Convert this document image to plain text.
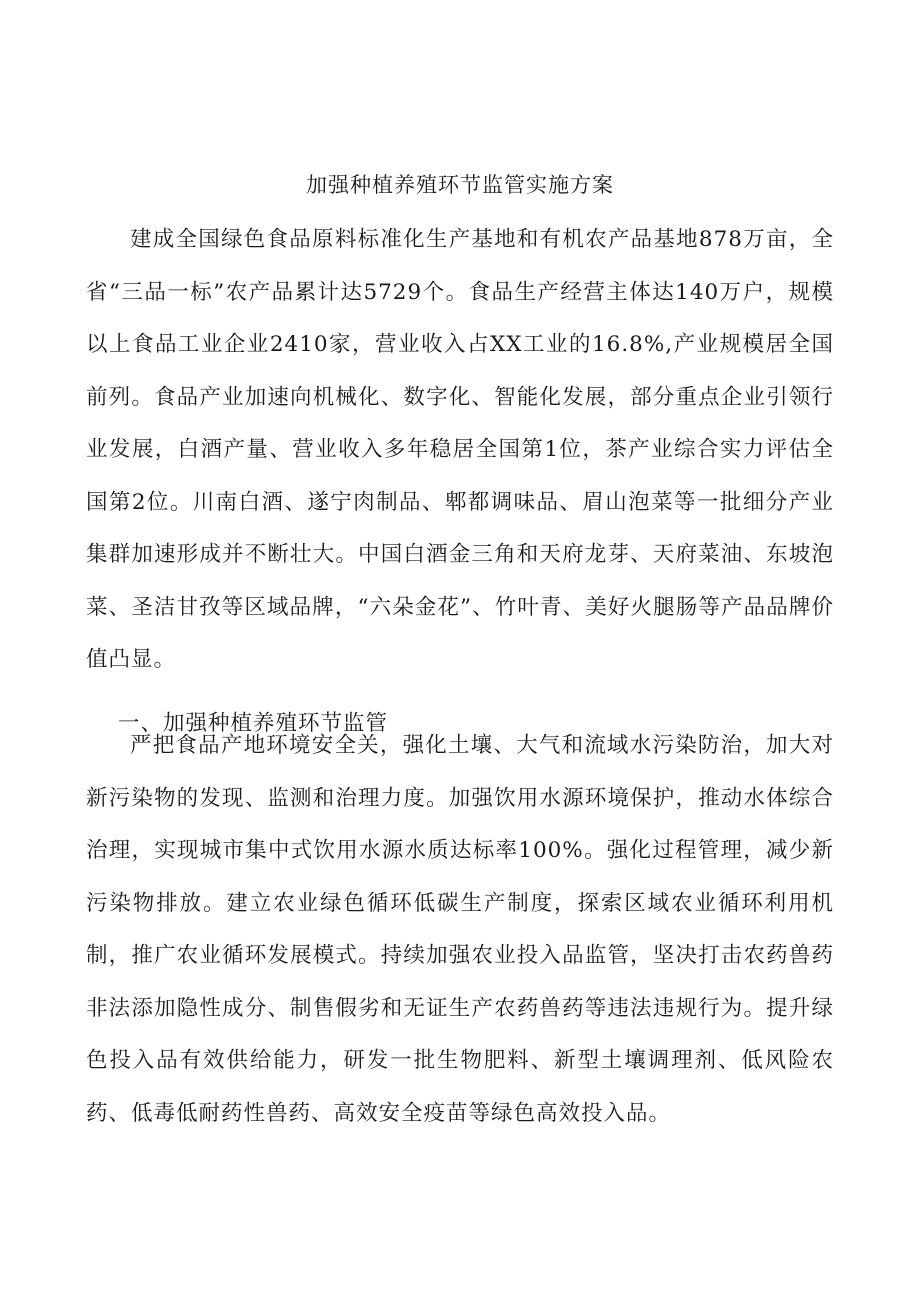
加强种植养殖环节监管实施方案

建成全国绿色食品原料标准化生产基地和有机农产品基地878万亩，全省“三品一标”农产品累计达5729个。食品生产经营主体达140万户，规模以上食品工业企业2410家，营业收入占XX工业的16.8%,产业规模居全国前列。食品产业加速向机械化、数字化、智能化发展，部分重点企业引领行业发展，白酒产量、营业收入多年稳居全国第1位，茶产业综合实力评估全国第2位。川南白酒、遂宁肉制品、郫都调味品、眉山泡菜等一批细分产业集群加速形成并不断壮大。中国白酒金三角和天府龙芽、天府菜油、东坡泡菜、圣洁甘孜等区域品牌，“六朵金花”、竹叶青、美好火腿肠等产品品牌价值凸显。

一、加强种植养殖环节监管

严把食品产地环境安全关，强化土壤、大气和流域水污染防治，加大对新污染物的发现、监测和治理力度。加强饮用水源环境保护，推动水体综合治理，实现城市集中式饮用水源水质达标率100%。强化过程管理，减少新污染物排放。建立农业绿色循环低碳生产制度，探索区域农业循环利用机制，推广农业循环发展模式。持续加强农业投入品监管，坚决打击农药兽药非法添加隐性成分、制售假劣和无证生产农药兽药等违法违规行为。提升绿色投入品有效供给能力，研发一批生物肥料、新型土壤调理剂、低风险农药、低毒低耐药性兽药、高效安全疫苗等绿色高效投入品。
